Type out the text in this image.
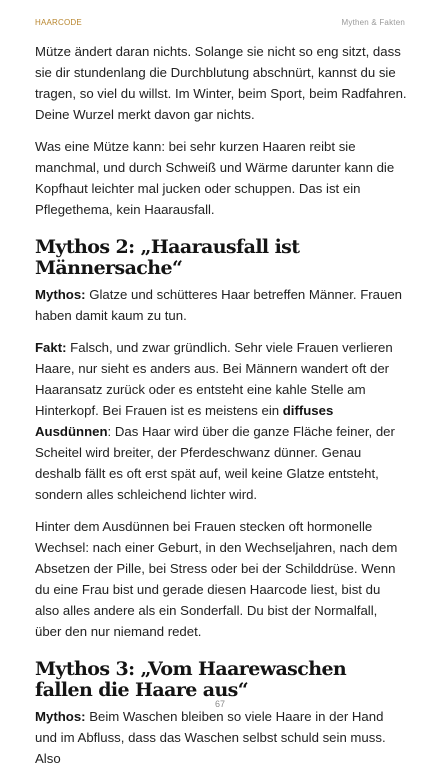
HAARCODE	Mythen & Fakten

Mütze ändert daran nichts. Solange sie nicht so eng sitzt, dass sie dir stundenlang die Durchblutung abschnürt, kannst du sie tragen, so viel du willst. Im Winter, beim Sport, beim Radfahren. Deine Wurzel merkt davon gar nichts.

Was eine Mütze kann: bei sehr kurzen Haaren reibt sie manchmal, und durch Schweiß und Wärme darunter kann die Kopfhaut leichter mal jucken oder schuppen. Das ist ein Pflegethema, kein Haarausfall.

Mythos 2: „Haarausfall ist Männersache“

Mythos: Glatze und schütteres Haar betreffen Männer. Frauen haben damit kaum zu tun.

Fakt: Falsch, und zwar gründlich. Sehr viele Frauen verlieren Haare, nur sieht es anders aus. Bei Männern wandert oft der Haaransatz zurück oder es entsteht eine kahle Stelle am Hinterkopf. Bei Frauen ist es meistens ein diffuses Ausdünnen: Das Haar wird über die ganze Fläche feiner, der Scheitel wird breiter, der Pferdeschwanz dünner. Genau deshalb fällt es oft erst spät auf, weil keine Glatze entsteht, sondern alles schleichend lichter wird.

Hinter dem Ausdünnen bei Frauen stecken oft hormonelle Wechsel: nach einer Geburt, in den Wechseljahren, nach dem Absetzen der Pille, bei Stress oder bei der Schilddrüse. Wenn du eine Frau bist und gerade diesen Haarcode liest, bist du also alles andere als ein Sonderfall. Du bist der Normalfall, über den nur niemand redet.

Mythos 3: „Vom Haarewaschen fallen die Haare aus“

Mythos: Beim Waschen bleiben so viele Haare in der Hand und im Abfluss, dass das Waschen selbst schuld sein muss. Also

67
